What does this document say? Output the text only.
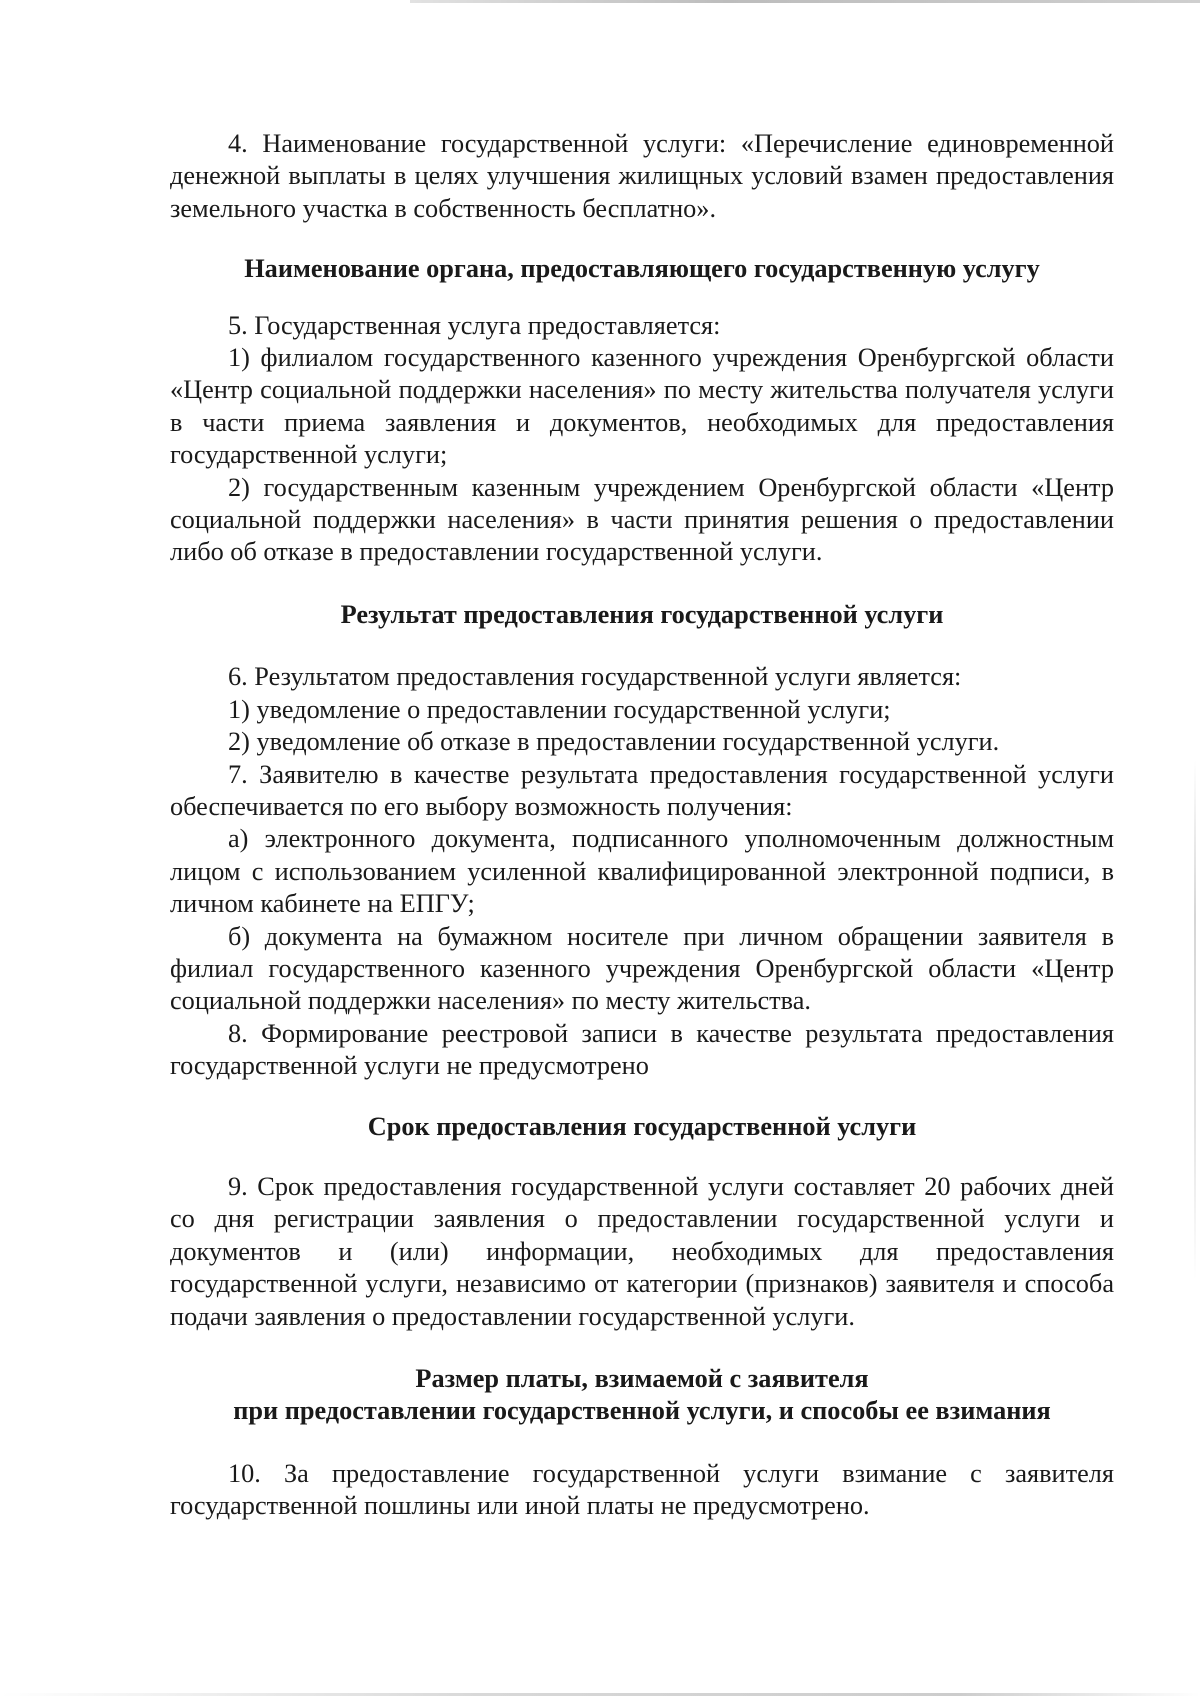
4. Наименование государственной услуги: «Перечисление единовременной денежной выплаты в целях улучшения жилищных условий взамен предоставления земельного участка в собственность бесплатно».

Наименование органа, предоставляющего государственную услугу

5. Государственная услуга предоставляется:

1) филиалом государственного казенного учреждения Оренбургской области «Центр социальной поддержки населения» по месту жительства получателя услуги в части приема заявления и документов, необходимых для предоставления государственной услуги;

2) государственным казенным учреждением Оренбургской области «Центр социальной поддержки населения» в части принятия решения о предоставлении либо об отказе в предоставлении государственной услуги.

Результат предоставления государственной услуги

6. Результатом предоставления государственной услуги является:

1) уведомление о предоставлении государственной услуги;

2) уведомление об отказе в предоставлении государственной услуги.

7. Заявителю в качестве результата предоставления государственной услуги обеспечивается по его выбору возможность получения:

а) электронного документа, подписанного уполномоченным должностным лицом с использованием усиленной квалифицированной электронной подписи, в личном кабинете на ЕПГУ;

б) документа на бумажном носителе при личном обращении заявителя в филиал государственного казенного учреждения Оренбургской области «Центр социальной поддержки населения» по месту жительства.

8. Формирование реестровой записи в качестве результата предоставления государственной услуги не предусмотрено

Срок предоставления государственной услуги

9. Срок предоставления государственной услуги составляет 20 рабочих дней со дня регистрации заявления о предоставлении государственной услуги и документов и (или) информации, необходимых для предоставления государственной услуги, независимо от категории (признаков) заявителя и способа подачи заявления о предоставлении государственной услуги.

Размер платы, взимаемой с заявителя

при предоставлении государственной услуги, и способы ее взимания

10. За предоставление государственной услуги взимание с заявителя государственной пошлины или иной платы не предусмотрено.
